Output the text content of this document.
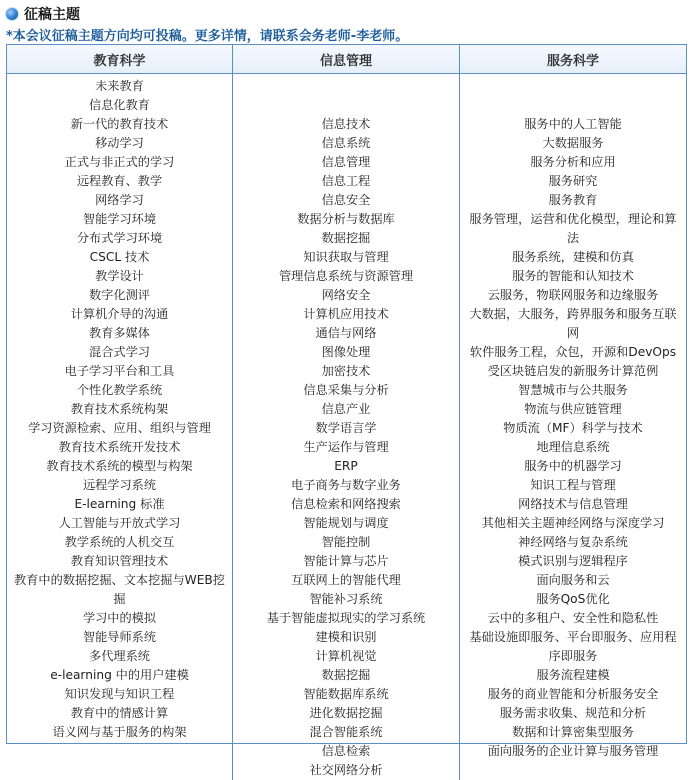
征稿主题
*本会议征稿主题方向均可投稿。更多详情，请联系会务老师-李老师。
教育科学	信息管理	服务科学
未来教育
信息化教育
新一代的教育技术
移动学习
正式与非正式的学习
远程教育、教学
网络学习
智能学习环境
分布式学习环境
CSCL 技术
教学设计
数字化测评
计算机介导的沟通
教育多媒体
混合式学习
电子学习平台和工具
个性化教学系统
教育技术系统构架
学习资源检索、应用、组织与管理
教育技术系统开发技术
教育技术系统的模型与构架
远程学习系统
E-learning 标准
人工智能与开放式学习
教学系统的人机交互
教育知识管理技术
教育中的数据挖掘、文本挖掘与WEB挖掘
学习中的模拟
智能导师系统
多代理系统
e-learning 中的用户建模
知识发现与知识工程
教育中的情感计算
语义网与基于服务的构架
信息技术
信息系统
信息管理
信息工程
信息安全
数据分析与数据库
数据挖掘
知识获取与管理
管理信息系统与资源管理
网络安全
计算机应用技术
通信与网络
图像处理
加密技术
信息采集与分析
信息产业
数学语言学
生产运作与管理
ERP
电子商务与数字业务
信息检索和网络搜索
智能规划与调度
智能控制
智能计算与芯片
互联网上的智能代理
智能补习系统
基于智能虚拟现实的学习系统
建模和识别
计算机视觉
数据挖掘
智能数据库系统
进化数据挖掘
混合智能系统
信息检索
社交网络分析
服务中的人工智能
大数据服务
服务分析和应用
服务研究
服务教育
服务管理，运营和优化模型，理论和算法
服务系统，建模和仿真
服务的智能和认知技术
云服务，物联网服务和边缘服务
大数据，大服务，跨界服务和服务互联网
软件服务工程，众包，开源和DevOps
受区块链启发的新服务计算范例
智慧城市与公共服务
物流与供应链管理
物质流（MF）科学与技术
地理信息系统
服务中的机器学习
知识工程与管理
网络技术与信息管理
其他相关主题神经网络与深度学习
神经网络与复杂系统
模式识别与逻辑程序
面向服务和云
服务QoS优化
云中的多租户、安全性和隐私性
基础设施即服务、平台即服务、应用程序即服务
服务流程建模
服务的商业智能和分析服务安全
服务需求收集、规范和分析
数据和计算密集型服务
面向服务的企业计算与服务管理
